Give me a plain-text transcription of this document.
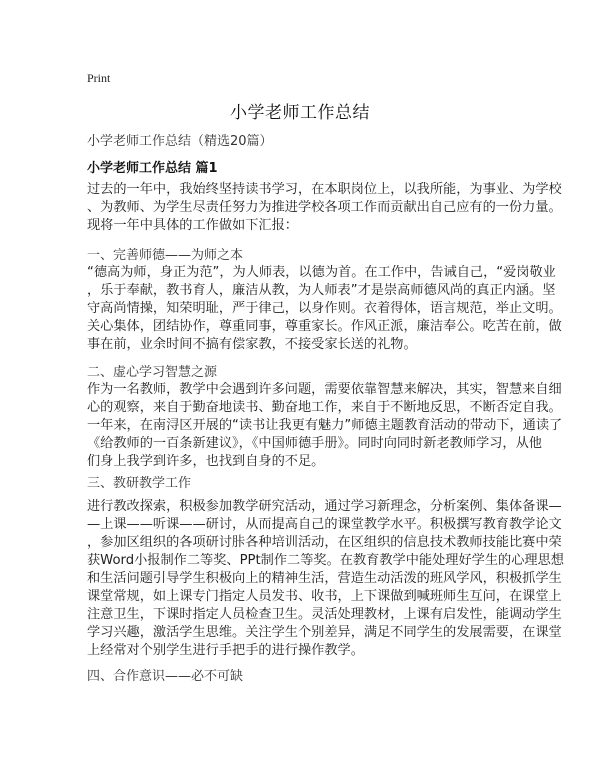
Print
小学老师工作总结
小学老师工作总结（精选20篇）
小学老师工作总结 篇1
过去的一年中，我始终坚持读书学习，在本职岗位上，以我所能，为事业、为学校
、为教师、为学生尽责任努力为推进学校各项工作而贡献出自己应有的一份力量。
现将一年中具体的工作做如下汇报：
一、完善师德——为师之本
“德高为师，身正为范”，为人师表，以德为首。在工作中，告诫自己，“爱岗敬业
，乐于奉献，教书育人，廉洁从教，为人师表”才是崇高师德风尚的真正内涵。坚
守高尚情操，知荣明耻，严于律己，以身作则。衣着得体，语言规范，举止文明。
关心集体，团结协作，尊重同事，尊重家长。作风正派，廉洁奉公。吃苦在前，做
事在前，业余时间不搞有偿家教，不接受家长送的礼物。
二、虚心学习智慧之源
作为一名教师，教学中会遇到许多问题，需要依靠智慧来解决，其实，智慧来自细
心的观察，来自于勤奋地读书、勤奋地工作，来自于不断地反思，不断否定自我。
一年来，在南浔区开展的“读书让我更有魅力”师德主题教育活动的带动下，通读了
《给教师的一百条新建议》，《中国师德手册》。同时向同时新老教师学习，从他
们身上我学到许多，也找到自身的不足。
三、教研教学工作
进行教改探索，积极参加教学研究活动，通过学习新理念，分析案例、集体备课—
—上课——听课——研讨，从而提高自己的课堂教学水平。积极撰写教育教学论文
，参加区组织的各项研讨胩各种培训活动，在区组织的信息技术教师技能比赛中荣
获Word小报制作二等奖、PPt制作二等奖。在教育教学中能处理好学生的心理思想
和生活问题引导学生积极向上的精神生活，营造生动活泼的班风学风，积极抓学生
课堂常规，如上课专门指定人员发书、收书，上下课做到喊班师生互问，在课堂上
注意卫生，下课时指定人员检查卫生。灵活处理教材，上课有启发性，能调动学生
学习兴趣，激活学生思维。关注学生个别差异，满足不同学生的发展需要，在课堂
上经常对个别学生进行手把手的进行操作教学。
四、合作意识——必不可缺
